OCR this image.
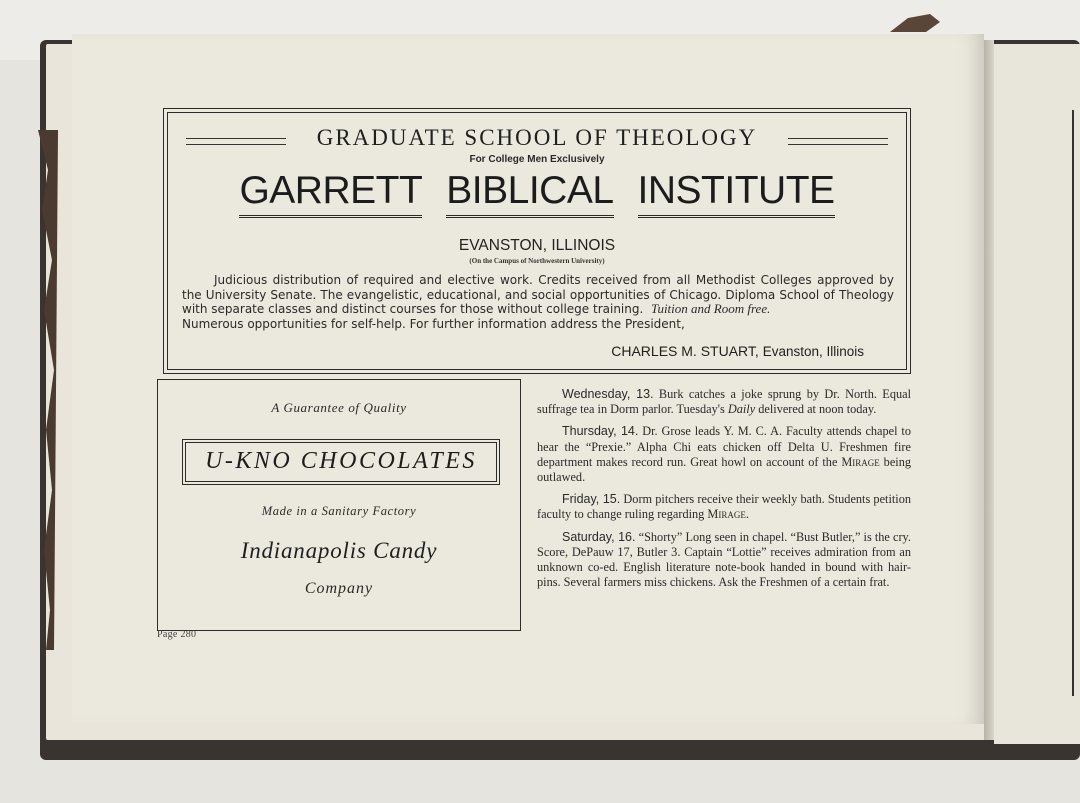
GRADUATE SCHOOL OF THEOLOGY
For College Men Exclusively
GARRETT BIBLICAL INSTITUTE
EVANSTON, ILLINOIS
(On the Campus of Northwestern University)

Judicious distribution of required and elective work. Credits received from all Methodist Colleges approved by the University Senate. The evangelistic, educational, and social opportunities of Chicago. Diploma School of Theology with separate classes and distinct courses for those without college training. Tuition and Room free.

Numerous opportunities for self-help. For further information address the President,

CHARLES M. STUART, Evanston, Illinois
A Guarantee of Quality
U-KNO CHOCOLATES
Made in a Sanitary Factory
Indianapolis Candy
Company
Page 280

Wednesday, 13. Burk catches a joke sprung by Dr. North. Equal suffrage tea in Dorm parlor. Tuesday's Daily delivered at noon today.

Thursday, 14. Dr. Grose leads Y. M. C. A. Faculty attends chapel to hear the “Prexie.” Alpha Chi eats chicken off Delta U. Freshmen fire department makes record run. Great howl on account of the Mirage being outlawed.

Friday, 15. Dorm pitchers receive their weekly bath. Students petition faculty to change ruling regarding Mirage.

Saturday, 16. “Shorty” Long seen in chapel. “Bust Butler,” is the cry. Score, DePauw 17, Butler 3. Captain “Lottie” receives admiration from an unknown co-ed. English literature note-book handed in bound with hair-pins. Several farmers miss chickens. Ask the Freshmen of a certain frat.
